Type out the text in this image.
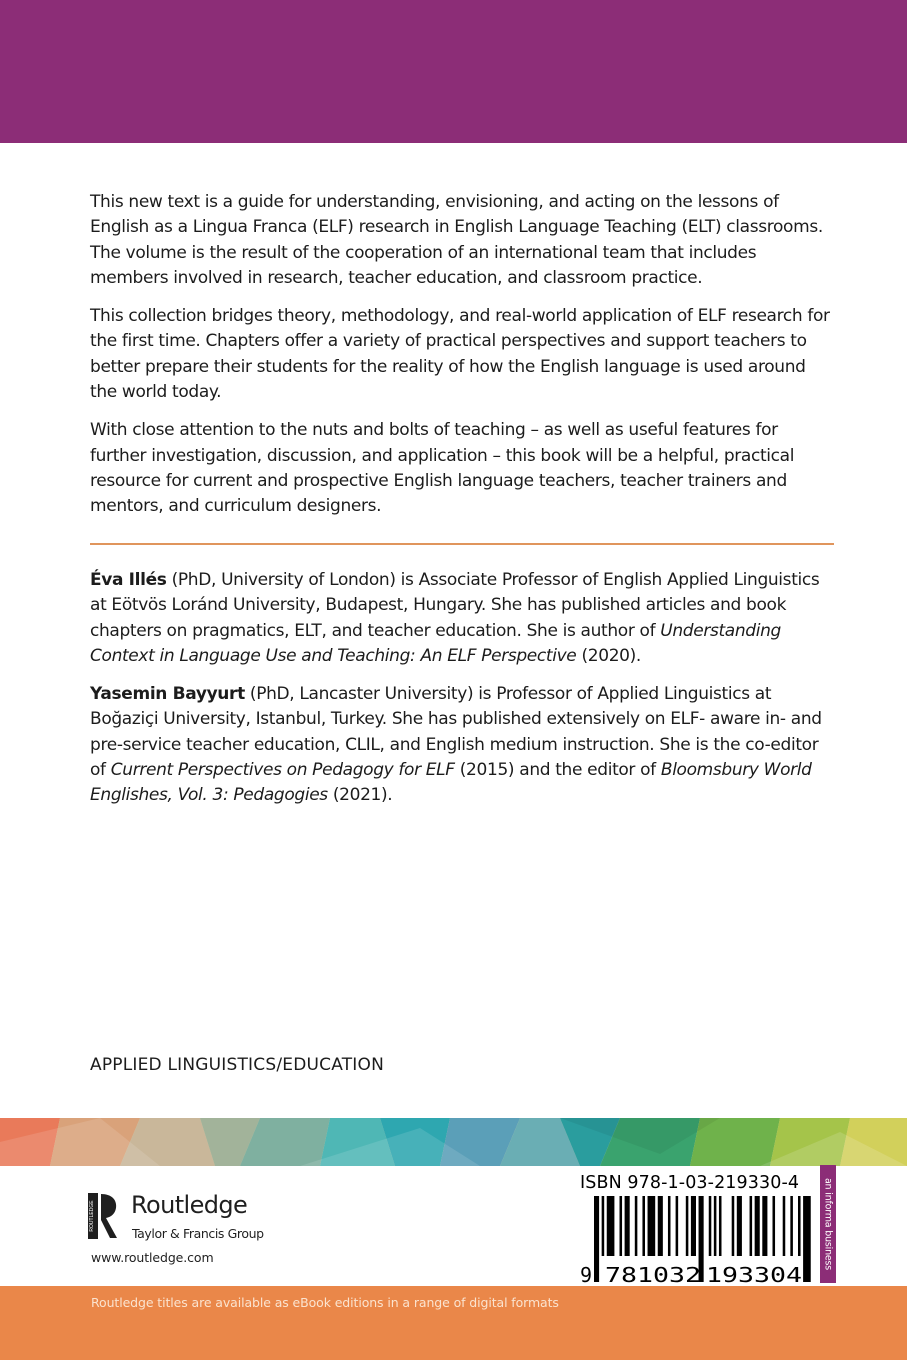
This new text is a guide for understanding, envisioning, and acting on the lessons of English as a Lingua Franca (ELF) research in English Language Teaching (ELT) classrooms. The volume is the result of the cooperation of an international team that includes members involved in research, teacher education, and classroom practice.

This collection bridges theory, methodology, and real-world application of ELF research for the first time. Chapters offer a variety of practical perspectives and support teachers to better prepare their students for the reality of how the English language is used around the world today.

With close attention to the nuts and bolts of teaching – as well as useful features for further investigation, discussion, and application – this book will be a helpful, practical resource for current and prospective English language teachers, teacher trainers and mentors, and curriculum designers.

Éva Illés (PhD, University of London) is Associate Professor of English Applied Linguistics at Eötvös Loránd University, Budapest, Hungary. She has published articles and book chapters on pragmatics, ELT, and teacher education. She is author of Understanding Context in Language Use and Teaching: An ELF Perspective (2020).

Yasemin Bayyurt (PhD, Lancaster University) is Professor of Applied Linguistics at Boğaziçi University, Istanbul, Turkey. She has published extensively on ELF- aware in- and pre-service teacher education, CLIL, and English medium instruction. She is the co-editor of Current Perspectives on Pedagogy for ELF (2015) and the editor of Bloomsbury World Englishes, Vol. 3: Pedagogies (2021).

APPLIED LINGUISTICS/EDUCATION
ROUTLEDGE Routledge
Taylor & Francis Group
www.routledge.com
ISBN 978-1-03-219330-4
9 781032 193304
an informa business
Routledge titles are available as eBook editions in a range of digital formats
